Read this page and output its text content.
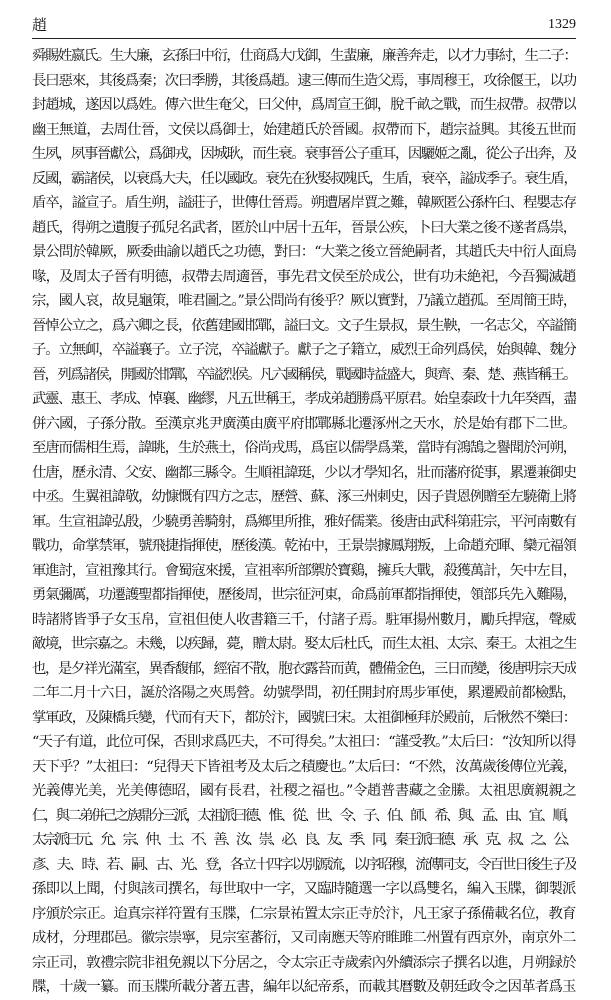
趙	1329
舜賜姓嬴氏。生大廉，玄孫曰中衍，仕商爲大戊御，生蜚廉，廉善奔走，以才力事紂，生二子：
長曰惡來，其後爲秦；次曰季勝，其後爲趙。逮三傳而生造父焉，事周穆王，攻徐偃王，以功
封趙城，遂因以爲姓。傳六世生奄父，曰父仲，爲周宣王御，脫千畝之戰，而生叔帶。叔帶以
幽王無道，去周仕晉，文侯以爲御士，始建趙氏於晉國。叔帶而下，趙宗益興。其後五世而
生夙，夙事晉獻公，爲御戎，因城耿，而生衰。衰事晉公子重耳，因驪姬之亂，從公子出奔，及
反國，霸諸侯，以衰爲大夫，任以國政。衰先在狄娶叔隗氏，生盾，衰卒，謚成季子。衰生盾，
盾卒，謚宣子。盾生朔，謚莊子，世傳仕晉焉。朔遭屠岸賈之難，韓厥匿公孫杵臼、程嬰志存
趙氏，得朔之遺腹子孤兒名武者，匿於山中居十五年，晉景公疾，卜曰大業之後不遂者爲祟，
景公問於韓厥，厥委曲諭以趙氏之功德，對曰：“大業之後立晉絶嗣者，其趙氏夫中衍人面鳥
喙，及周太子晉有明德，叔帶去周適晉，事先君文侯至於成公，世有功未絶祀，今吾獨滅趙
宗，國人哀，故見龜策，唯君圖之。”景公問尚有後乎？厥以實對，乃議立趙孤。至周簡王時，
晉悼公立之，爲六卿之長，依舊建國邯鄲，謚曰文。文子生景叔，景生鞅，一名志父，卒謚簡
子。立無卹，卒謚襄子。立子浣，卒謚獻子。獻子之子籍立，威烈王命列爲侯，始與韓、魏分
晉，列爲諸侯，開國於邯鄲，卒謚烈侯。凡六國稱侯，戰國時益盛大，與齊、秦、楚、燕皆稱王。
武靈、惠王、孝成、悼襄、幽繆，凡五世稱王，孝成弟趙勝爲平原君。始皇泰政十九年癸酉，盡
併六國，子孫分散。至漢京兆尹廣漢由廣平府邯鄲縣北遷涿州之天水，於是始有郡下二世。
至唐而儒相生焉，諱眺，生於燕土，俗尚戎馬，爲宦以儒學爲業，當時有鴻鵠之譽聞於河朔，
仕唐，歷永清、父安、幽都三縣令。生順祖諱珽，少以才學知名，壯而藩府從事，累遷兼御史
中丞。生翼祖諱敬，幼慷慨有四方之志，歷營、蘇、涿三州刺史，因子貴恩例贈至左驍衛上將
軍。生宣祖諱弘殷，少驍勇善騎射，爲鄉里所推，雅好儒業。後唐由武科第莊宗，平河南數有
戰功，命掌禁軍，號飛捷指揮使，歷後漢。乾祐中，王景崇據鳳翔叛，上命趙充暉、欒元福領
軍進討，宣祖豫其行。會蜀寇來援，宣祖率所部禦於寶鷄，擁兵大戰，殺獲萬計，矢中左目，
勇氣彌厲，功遷護聖都指揮使，歷後周，世宗征河東，命爲前軍都指揮使，領部兵先入難陽，
時諸將皆爭子女玉帛，宣祖但使人收書籍三千，付諸子焉。駐軍揚州數月，勵兵捍寇，聲威
敵境，世宗嘉之。未幾，以疾歸，薨，贈太尉。娶太后杜氏，而生太祖、太宗、秦王。太祖之生
也，是夕祥光滿室，異香馥郁，經宿不散，胞衣露苔而黄，體備金色，三日而變，後唐明宗天成
二年二月十六日，誕於洛陽之夾馬營。幼號學問，初任開封府馬步軍使，累遷殿前都檢點，
掌軍政，及陳橋兵變，代而有天下，都於汴，國號曰宋。太祖御極拜於殿前，后愀然不樂曰：
“天子有道，此位可保，否則求爲匹夫，不可得矣。”太祖曰：“謹受教。”太后曰：“汝知所以得
天下乎？”太祖曰：“兒得天下皆祖考及太后之積慶也。”太后曰：“不然，汝萬歲後傳位光義，
光義傳光美，光美傳德昭，國有長君，社稷之福也。”令趙普書藏之金縢。太祖思廣親親之
仁，與二弟併己之族鼎分三派，太祖派曰德、惟、從、世、令、子、伯、師、希、與、孟、由、宜、順，
太宗派曰元、允、宗、仲、士、不、善、汝、崇、必、良、友、季、同，秦王派曰德、承、克、叔、之、公、
彥、夫、時、若、嗣、古、光、登，各立十四字以別源流，以序昭穆，流傳同支，令百世日後生子及
孫即以上聞，付與該司撰名，每世取中一字，又臨時隨選一字以爲雙名，編入玉牒，御製派
序頒於宗正。迨真宗祥符置有玉牒，仁宗景祐置太宗正寺於汴，凡王家子孫備載名位，教育
成材，分理郡邑。徽宗崇寧，見宗室蕃衍，又司南應天等府睢雎二州置有西京外，南京外二
宗正司，敦禮宗院非祖免親以下分居之，令太宗正寺歲索內外續添宗子撰名以進，月朔録於
牒，十歲一纂。而玉牒所載分著五書，編年以紀帝系，而載其曆數及朝廷政令之因革者爲玉
